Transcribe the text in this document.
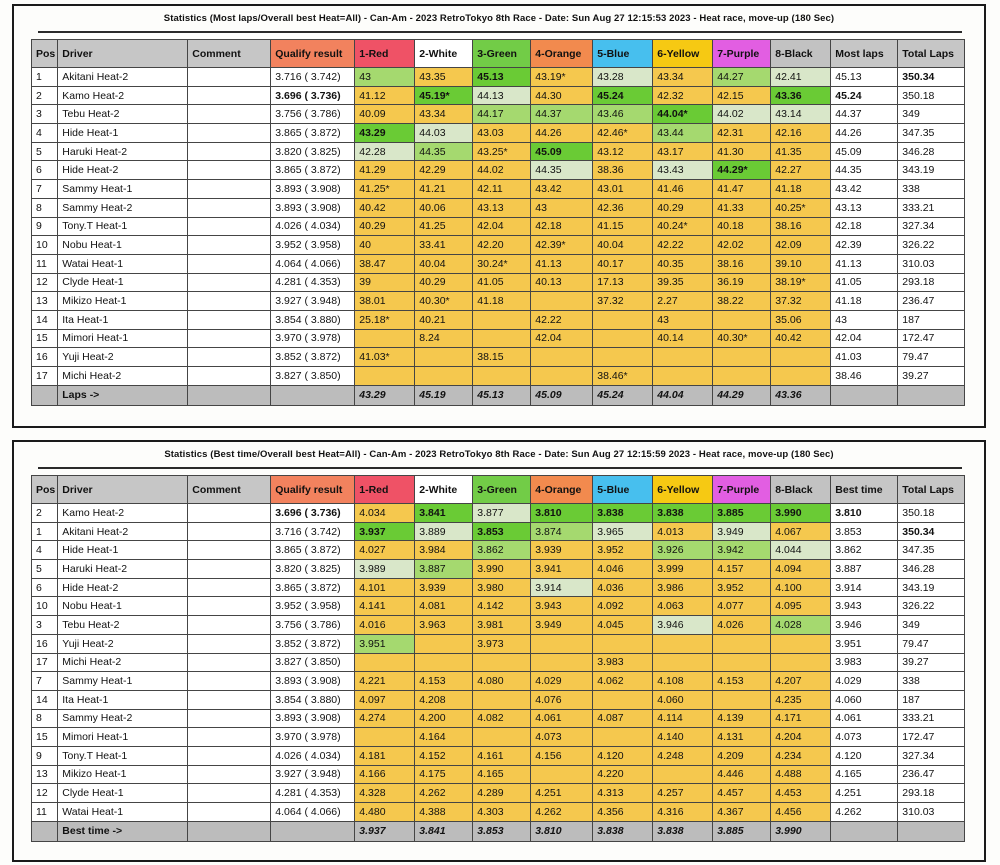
Statistics (Most laps/Overall best Heat=All) - Can-Am - 2023 RetroTokyo 8th Race - Date: Sun Aug 27 12:15:53 2023 - Heat race, move-up (180 Sec)
Pos	Driver	Comment	Qualify result	1-Red	2-White	3-Green	4-Orange	5-Blue	6-Yellow	7-Purple	8-Black	Most laps	Total Laps
1	Akitani Heat-2		3.716 ( 3.742)	43	43.35	45.13	43.19*	43.28	43.34	44.27	42.41	45.13	350.34
2	Kamo Heat-2		3.696 ( 3.736)	41.12	45.19*	44.13	44.30	45.24	42.32	42.15	43.36	45.24	350.18
3	Tebu Heat-2		3.756 ( 3.786)	40.09	43.34	44.17	44.37	43.46	44.04*	44.02	43.14	44.37	349
4	Hide Heat-1		3.865 ( 3.872)	43.29	44.03	43.03	44.26	42.46*	43.44	42.31	42.16	44.26	347.35
5	Haruki Heat-2		3.820 ( 3.825)	42.28	44.35	43.25*	45.09	43.12	43.17	41.30	41.35	45.09	346.28
6	Hide Heat-2		3.865 ( 3.872)	41.29	42.29	44.02	44.35	38.36	43.43	44.29*	42.27	44.35	343.19
7	Sammy Heat-1		3.893 ( 3.908)	41.25*	41.21	42.11	43.42	43.01	41.46	41.47	41.18	43.42	338
8	Sammy Heat-2		3.893 ( 3.908)	40.42	40.06	43.13	43	42.36	40.29	41.33	40.25*	43.13	333.21
9	Tony.T Heat-1		4.026 ( 4.034)	40.29	41.25	42.04	42.18	41.15	40.24*	40.18	38.16	42.18	327.34
10	Nobu Heat-1		3.952 ( 3.958)	40	33.41	42.20	42.39*	40.04	42.22	42.02	42.09	42.39	326.22
11	Watai Heat-1		4.064 ( 4.066)	38.47	40.04	30.24*	41.13	40.17	40.35	38.16	39.10	41.13	310.03
12	Clyde Heat-1		4.281 ( 4.353)	39	40.29	41.05	40.13	17.13	39.35	36.19	38.19*	41.05	293.18
13	Mikizo Heat-1		3.927 ( 3.948)	38.01	40.30*	41.18		37.32	2.27	38.22	37.32	41.18	236.47
14	Ita Heat-1		3.854 ( 3.880)	25.18*	40.21		42.22		43		35.06	43	187
15	Mimori Heat-1		3.970 ( 3.978)		8.24		42.04		40.14	40.30*	40.42	42.04	172.47
16	Yuji Heat-2		3.852 ( 3.872)	41.03*		38.15						41.03	79.47
17	Michi Heat-2		3.827 ( 3.850)					38.46*				38.46	39.27
	Laps ->			43.29	45.19	45.13	45.09	45.24	44.04	44.29	43.36		
Statistics (Best time/Overall best Heat=All) - Can-Am - 2023 RetroTokyo 8th Race - Date: Sun Aug 27 12:15:59 2023 - Heat race, move-up (180 Sec)
Pos	Driver	Comment	Qualify result	1-Red	2-White	3-Green	4-Orange	5-Blue	6-Yellow	7-Purple	8-Black	Best time	Total Laps
2	Kamo Heat-2		3.696 ( 3.736)	4.034	3.841	3.877	3.810	3.838	3.838	3.885	3.990	3.810	350.18
1	Akitani Heat-2		3.716 ( 3.742)	3.937	3.889	3.853	3.874	3.965	4.013	3.949	4.067	3.853	350.34
4	Hide Heat-1		3.865 ( 3.872)	4.027	3.984	3.862	3.939	3.952	3.926	3.942	4.044	3.862	347.35
5	Haruki Heat-2		3.820 ( 3.825)	3.989	3.887	3.990	3.941	4.046	3.999	4.157	4.094	3.887	346.28
6	Hide Heat-2		3.865 ( 3.872)	4.101	3.939	3.980	3.914	4.036	3.986	3.952	4.100	3.914	343.19
10	Nobu Heat-1		3.952 ( 3.958)	4.141	4.081	4.142	3.943	4.092	4.063	4.077	4.095	3.943	326.22
3	Tebu Heat-2		3.756 ( 3.786)	4.016	3.963	3.981	3.949	4.045	3.946	4.026	4.028	3.946	349
16	Yuji Heat-2		3.852 ( 3.872)	3.951		3.973						3.951	79.47
17	Michi Heat-2		3.827 ( 3.850)					3.983				3.983	39.27
7	Sammy Heat-1		3.893 ( 3.908)	4.221	4.153	4.080	4.029	4.062	4.108	4.153	4.207	4.029	338
14	Ita Heat-1		3.854 ( 3.880)	4.097	4.208		4.076		4.060		4.235	4.060	187
8	Sammy Heat-2		3.893 ( 3.908)	4.274	4.200	4.082	4.061	4.087	4.114	4.139	4.171	4.061	333.21
15	Mimori Heat-1		3.970 ( 3.978)		4.164		4.073		4.140	4.131	4.204	4.073	172.47
9	Tony.T Heat-1		4.026 ( 4.034)	4.181	4.152	4.161	4.156	4.120	4.248	4.209	4.234	4.120	327.34
13	Mikizo Heat-1		3.927 ( 3.948)	4.166	4.175	4.165		4.220		4.446	4.488	4.165	236.47
12	Clyde Heat-1		4.281 ( 4.353)	4.328	4.262	4.289	4.251	4.313	4.257	4.457	4.453	4.251	293.18
11	Watai Heat-1		4.064 ( 4.066)	4.480	4.388	4.303	4.262	4.356	4.316	4.367	4.456	4.262	310.03
	Best time ->			3.937	3.841	3.853	3.810	3.838	3.838	3.885	3.990		
